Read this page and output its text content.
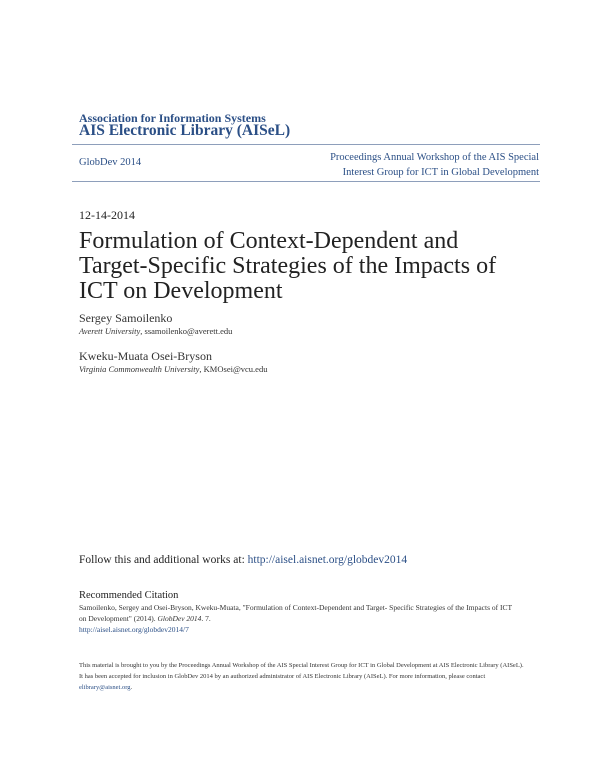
Association for Information Systems
AIS Electronic Library (AISeL)
GlobDev 2014	Proceedings Annual Workshop of the AIS Special
Interest Group for ICT in Global Development
12-14-2014
Formulation of Context-Dependent and Target-Specific Strategies of the Impacts of ICT on Development
Sergey Samoilenko
Averett University, ssamoilenko@averett.edu
Kweku-Muata Osei-Bryson
Virginia Commonwealth University, KMOsei@vcu.edu
Follow this and additional works at: http://aisel.aisnet.org/globdev2014
Recommended Citation
Samoilenko, Sergey and Osei-Bryson, Kweku-Muata, "Formulation of Context-Dependent and Target- Specific Strategies of the Impacts of ICT on Development" (2014). GlobDev 2014. 7.
http://aisel.aisnet.org/globdev2014/7
This material is brought to you by the Proceedings Annual Workshop of the AIS Special Interest Group for ICT in Global Development at AIS Electronic Library (AISeL). It has been accepted for inclusion in GlobDev 2014 by an authorized administrator of AIS Electronic Library (AISeL). For more information, please contact elibrary@aisnet.org.
